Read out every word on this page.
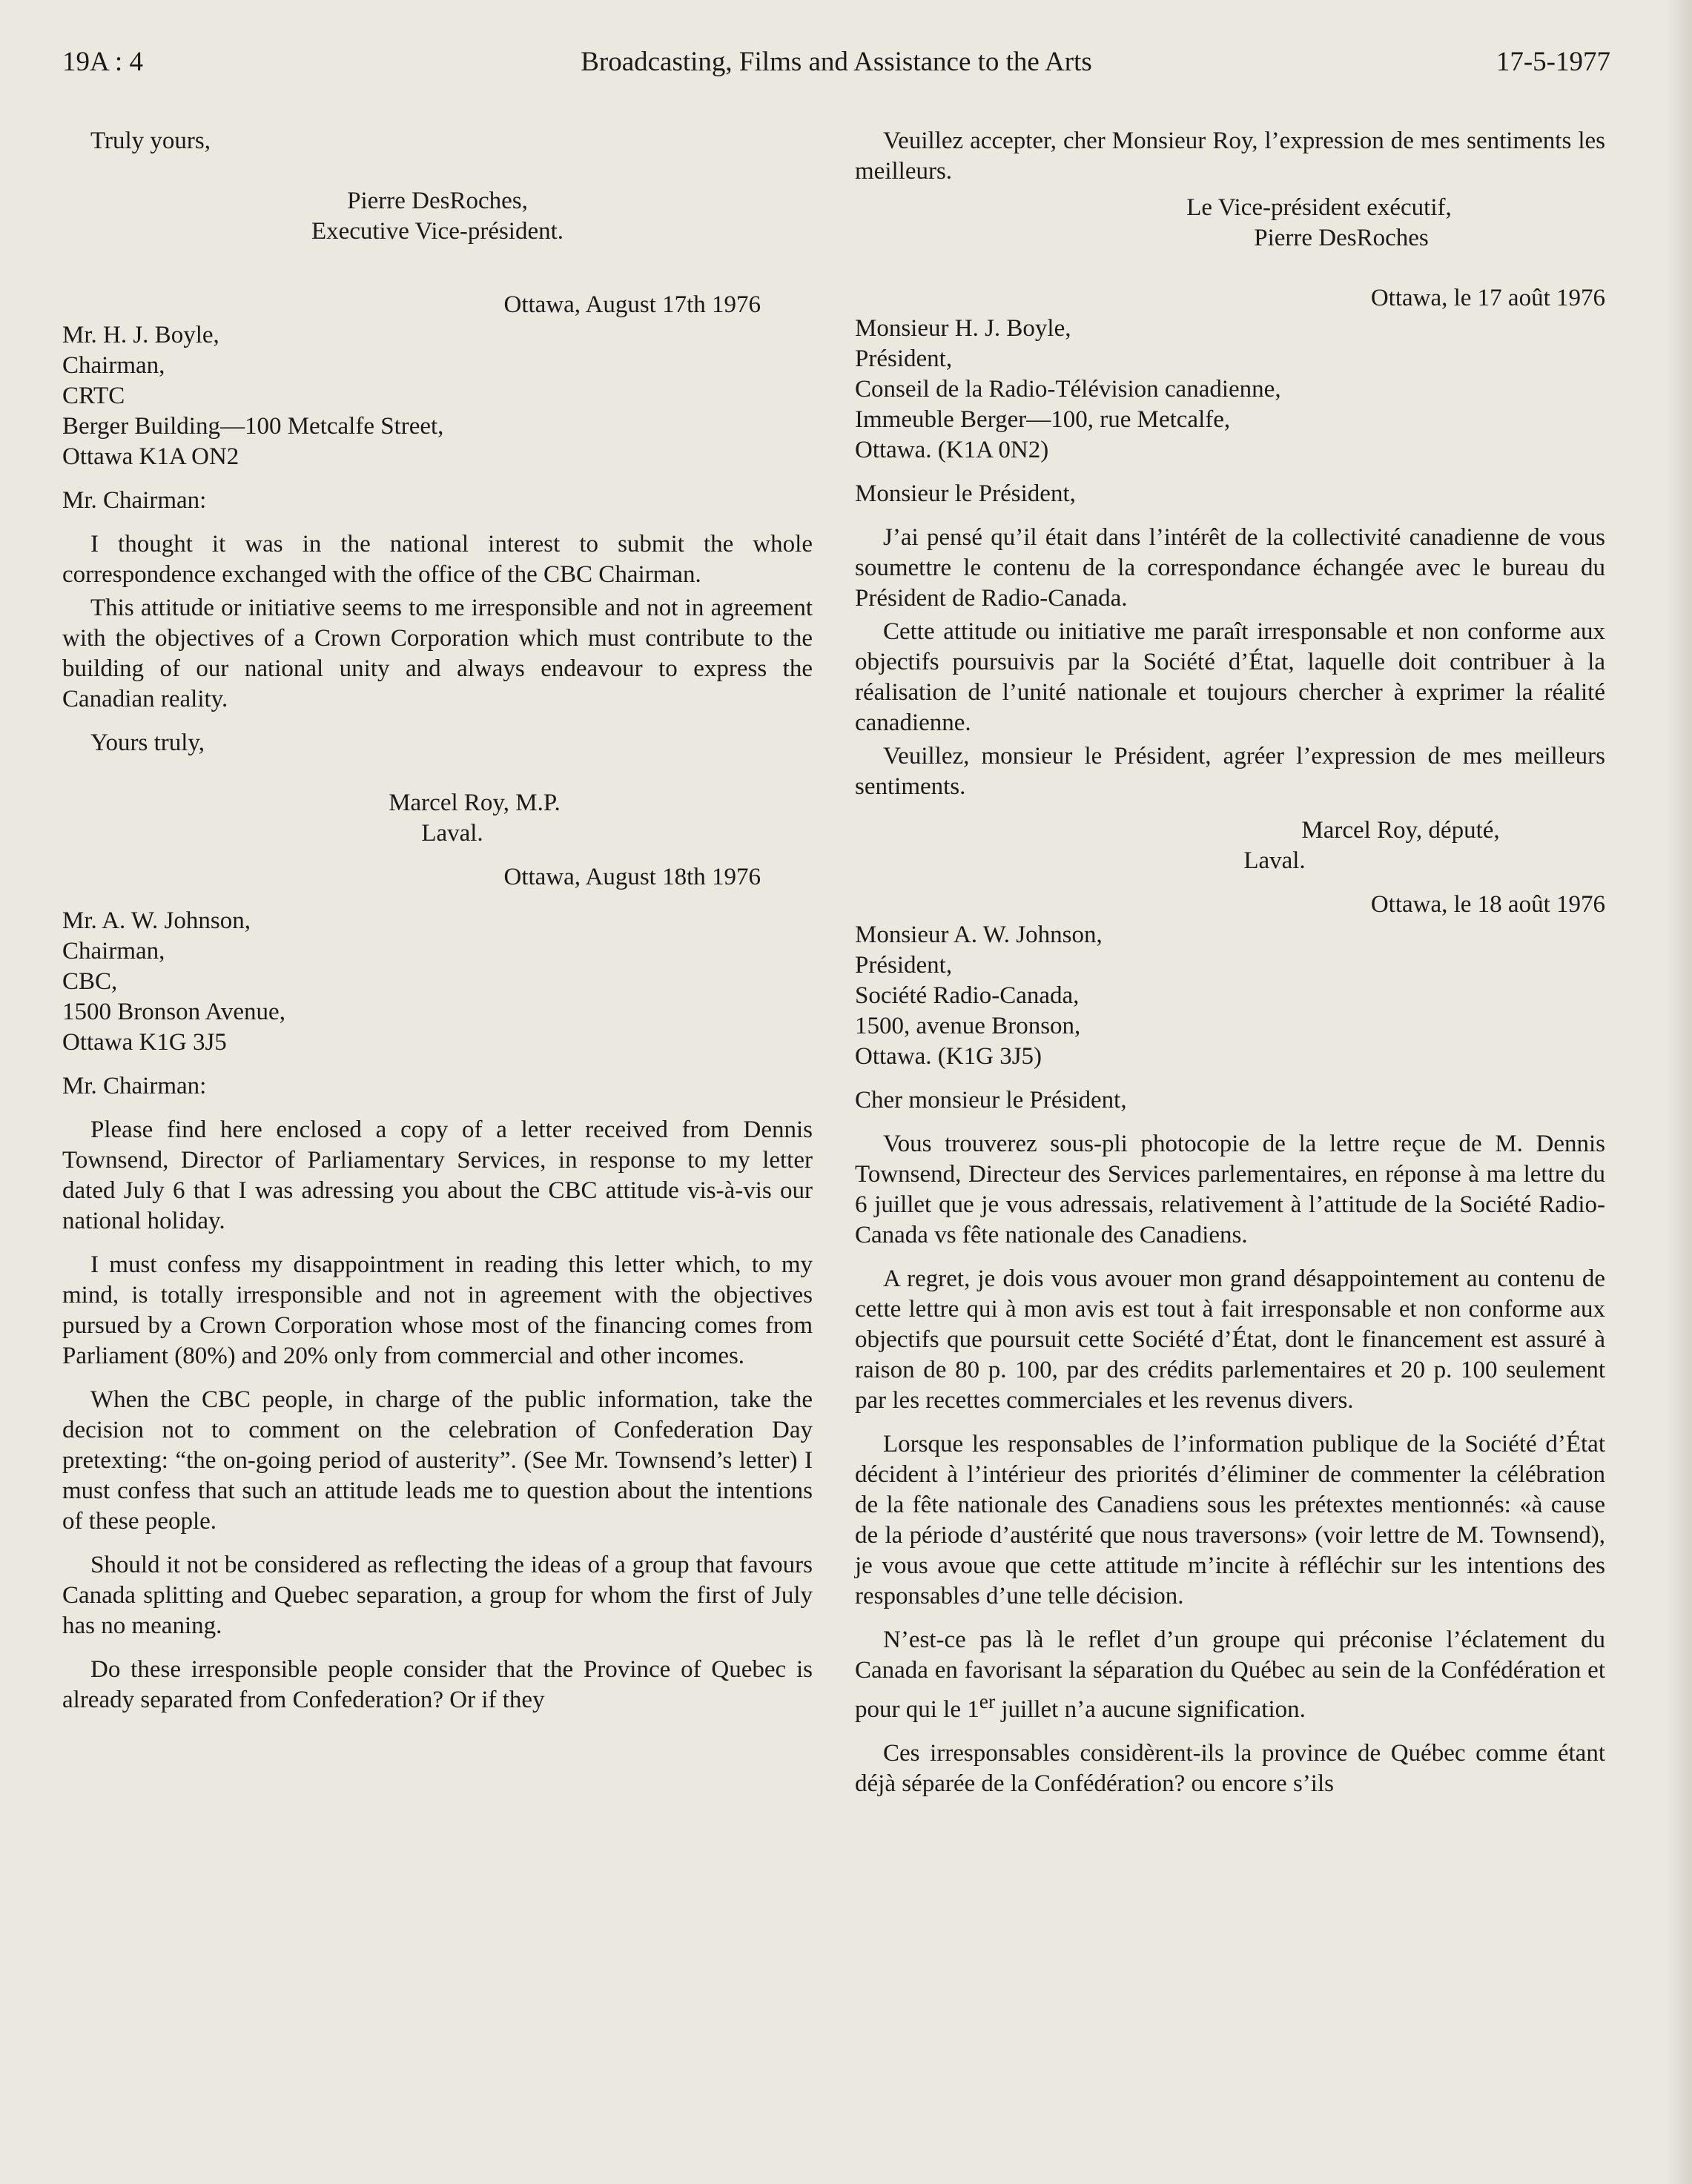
19A : 4	Broadcasting, Films and Assistance to the Arts	17-5-1977

Truly yours,

Pierre DesRoches,

Executive Vice-président.

Ottawa, August 17th 1976

Mr. H. J. Boyle,

Chairman,

CRTC

Berger Building—100 Metcalfe Street,

Ottawa K1A ON2

Mr. Chairman:

I thought it was in the national interest to submit the whole correspondence exchanged with the office of the CBC Chairman.

This attitude or initiative seems to me irresponsible and not in agreement with the objectives of a Crown Corporation which must contribute to the building of our national unity and always endeavour to express the Canadian reality.

Yours truly,

Marcel Roy, M.P.

Laval.

Ottawa, August 18th 1976

Mr. A. W. Johnson,

Chairman,

CBC,

1500 Bronson Avenue,

Ottawa K1G 3J5

Mr. Chairman:

Please find here enclosed a copy of a letter received from Dennis Townsend, Director of Parliamentary Services, in response to my letter dated July 6 that I was adressing you about the CBC attitude vis-à-vis our national holiday.

I must confess my disappointment in reading this letter which, to my mind, is totally irresponsible and not in agreement with the objectives pursued by a Crown Corporation whose most of the financing comes from Parliament (80%) and 20% only from commercial and other incomes.

When the CBC people, in charge of the public information, take the decision not to comment on the celebration of Confederation Day pretexting: “the on-going period of austerity”. (See Mr. Townsend’s letter) I must confess that such an attitude leads me to question about the intentions of these people.

Should it not be considered as reflecting the ideas of a group that favours Canada splitting and Quebec separation, a group for whom the first of July has no meaning.

Do these irresponsible people consider that the Province of Quebec is already separated from Confederation? Or if they

Veuillez accepter, cher Monsieur Roy, l’expression de mes sentiments les meilleurs.

Le Vice-président exécutif,

Pierre DesRoches

Ottawa, le 17 août 1976

Monsieur H. J. Boyle,

Président,

Conseil de la Radio-Télévision canadienne,

Immeuble Berger—100, rue Metcalfe,

Ottawa. (K1A 0N2)

Monsieur le Président,

J’ai pensé qu’il était dans l’intérêt de la collectivité canadienne de vous soumettre le contenu de la correspondance échangée avec le bureau du Président de Radio-Canada.

Cette attitude ou initiative me paraît irresponsable et non conforme aux objectifs poursuivis par la Société d’État, laquelle doit contribuer à la réalisation de l’unité nationale et toujours chercher à exprimer la réalité canadienne.

Veuillez, monsieur le Président, agréer l’expression de mes meilleurs sentiments.

Marcel Roy, député,

Laval.

Ottawa, le 18 août 1976

Monsieur A. W. Johnson,

Président,

Société Radio-Canada,

1500, avenue Bronson,

Ottawa. (K1G 3J5)

Cher monsieur le Président,

Vous trouverez sous-pli photocopie de la lettre reçue de M. Dennis Townsend, Directeur des Services parlementaires, en réponse à ma lettre du 6 juillet que je vous adressais, relativement à l’attitude de la Société Radio-Canada vs fête nationale des Canadiens.

A regret, je dois vous avouer mon grand désappointement au contenu de cette lettre qui à mon avis est tout à fait irresponsable et non conforme aux objectifs que poursuit cette Société d’État, dont le financement est assuré à raison de 80 p. 100, par des crédits parlementaires et 20 p. 100 seulement par les recettes commerciales et les revenus divers.

Lorsque les responsables de l’information publique de la Société d’État décident à l’intérieur des priorités d’éliminer de commenter la célébration de la fête nationale des Canadiens sous les prétextes mentionnés: «à cause de la période d’austérité que nous traversons» (voir lettre de M. Townsend), je vous avoue que cette attitude m’incite à réfléchir sur les intentions des responsables d’une telle décision.

N’est-ce pas là le reflet d’un groupe qui préconise l’éclatement du Canada en favorisant la séparation du Québec au sein de la Confédération et pour qui le 1er juillet n’a aucune signification.

Ces irresponsables considèrent-ils la province de Québec comme étant déjà séparée de la Confédération? ou encore s’ils
